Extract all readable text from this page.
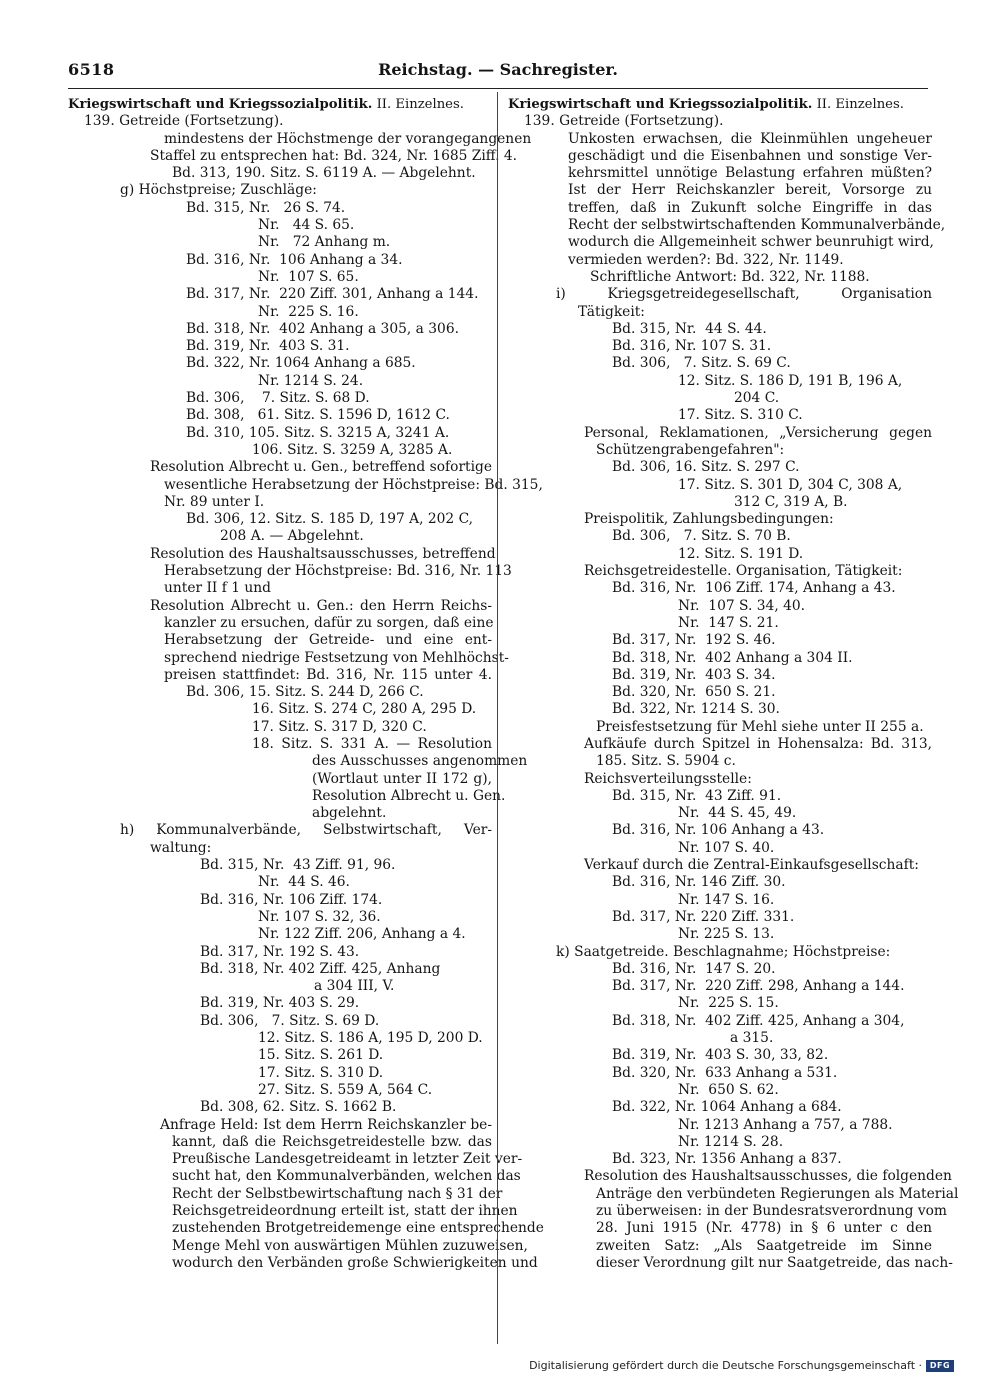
6518	Reichstag. — Sachregister.
Kriegswirtschaft und Kriegssozialpolitik. II. Einzelnes.
139. Getreide (Fortsetzung).
mindestens der Höchstmenge der vorangegangenen
Staffel zu entsprechen hat: Bd. 324, Nr. 1685 Ziff. 4.
Bd. 313, 190. Sitz. S. 6119 A. — Abgelehnt.
g) Höchstpreise; Zuschläge:
Bd. 315, Nr.   26 S. 74.
Nr.   44 S. 65.
Nr.   72 Anhang m.
Bd. 316, Nr.  106 Anhang a 34.
Nr.  107 S. 65.
Bd. 317, Nr.  220 Ziff. 301, Anhang a 144.
Nr.  225 S. 16.
Bd. 318, Nr.  402 Anhang a 305, a 306.
Bd. 319, Nr.  403 S. 31.
Bd. 322, Nr. 1064 Anhang a 685.
Nr. 1214 S. 24.
Bd. 306,    7. Sitz. S. 68 D.
Bd. 308,   61. Sitz. S. 1596 D, 1612 C.
Bd. 310, 105. Sitz. S. 3215 A, 3241 A.
106. Sitz. S. 3259 A, 3285 A.
Resolution Albrecht u. Gen., betreffend sofortige
wesentliche Herabsetzung der Höchstpreise: Bd. 315,
Nr. 89 unter I.
Bd. 306, 12. Sitz. S. 185 D, 197 A, 202 C,
208 A. — Abgelehnt.
Resolution des Haushaltsausschusses, betreffend
Herabsetzung der Höchstpreise: Bd. 316, Nr. 113
unter II f 1 und
Resolution Albrecht u. Gen.: den Herrn Reichs-
kanzler zu ersuchen, dafür zu sorgen, daß eine
Herabsetzung der Getreide- und eine ent-
sprechend niedrige Festsetzung von Mehlhöchst-
preisen stattfindet: Bd. 316, Nr. 115 unter 4.
Bd. 306, 15. Sitz. S. 244 D, 266 C.
16. Sitz. S. 274 C, 280 A, 295 D.
17. Sitz. S. 317 D, 320 C.
18. Sitz. S. 331 A. — Resolution
des Ausschusses angenommen
(Wortlaut unter II 172 g),
Resolution Albrecht u. Gen.
abgelehnt.
h) Kommunalverbände, Selbstwirtschaft, Ver-
waltung:
Bd. 315, Nr.  43 Ziff. 91, 96.
Nr.  44 S. 46.
Bd. 316, Nr. 106 Ziff. 174.
Nr. 107 S. 32, 36.
Nr. 122 Ziff. 206, Anhang a 4.
Bd. 317, Nr. 192 S. 43.
Bd. 318, Nr. 402 Ziff. 425, Anhang
a 304 III, V.
Bd. 319, Nr. 403 S. 29.
Bd. 306,   7. Sitz. S. 69 D.
12. Sitz. S. 186 A, 195 D, 200 D.
15. Sitz. S. 261 D.
17. Sitz. S. 310 D.
27. Sitz. S. 559 A, 564 C.
Bd. 308, 62. Sitz. S. 1662 B.
Anfrage Held: Ist dem Herrn Reichskanzler be-
kannt, daß die Reichsgetreidestelle bzw. das
Preußische Landesgetreideamt in letzter Zeit ver-
sucht hat, den Kommunalverbänden, welchen das
Recht der Selbstbewirtschaftung nach § 31 der
Reichsgetreideordnung erteilt ist, statt der ihnen
zustehenden Brotgetreidemenge eine entsprechende
Menge Mehl von auswärtigen Mühlen zuzuweisen,
wodurch den Verbänden große Schwierigkeiten und
Kriegswirtschaft und Kriegssozialpolitik. II. Einzelnes.
139. Getreide (Fortsetzung).
Unkosten erwachsen, die Kleinmühlen ungeheuer
geschädigt und die Eisenbahnen und sonstige Ver-
kehrsmittel unnötige Belastung erfahren müßten?
Ist der Herr Reichskanzler bereit, Vorsorge zu
treffen, daß in Zukunft solche Eingriffe in das
Recht der selbstwirtschaftenden Kommunalverbände,
wodurch die Allgemeinheit schwer beunruhigt wird,
vermieden werden?: Bd. 322, Nr. 1149.
Schriftliche Antwort: Bd. 322, Nr. 1188.
i) Kriegsgetreidegesellschaft, Organisation
Tätigkeit:
Bd. 315, Nr.  44 S. 44.
Bd. 316, Nr. 107 S. 31.
Bd. 306,   7. Sitz. S. 69 C.
12. Sitz. S. 186 D, 191 B, 196 A,
204 C.
17. Sitz. S. 310 C.
Personal, Reklamationen, „Versicherung gegen
Schützengrabengefahren":
Bd. 306, 16. Sitz. S. 297 C.
17. Sitz. S. 301 D, 304 C, 308 A,
312 C, 319 A, B.
Preispolitik, Zahlungsbedingungen:
Bd. 306,   7. Sitz. S. 70 B.
12. Sitz. S. 191 D.
Reichsgetreidestelle. Organisation, Tätigkeit:
Bd. 316, Nr.  106 Ziff. 174, Anhang a 43.
Nr.  107 S. 34, 40.
Nr.  147 S. 21.
Bd. 317, Nr.  192 S. 46.
Bd. 318, Nr.  402 Anhang a 304 II.
Bd. 319, Nr.  403 S. 34.
Bd. 320, Nr.  650 S. 21.
Bd. 322, Nr. 1214 S. 30.
Preisfestsetzung für Mehl siehe unter II 255 a.
Aufkäufe durch Spitzel in Hohensalza: Bd. 313,
185. Sitz. S. 5904 c.
Reichsverteilungsstelle:
Bd. 315, Nr.  43 Ziff. 91.
Nr.  44 S. 45, 49.
Bd. 316, Nr. 106 Anhang a 43.
Nr. 107 S. 40.
Verkauf durch die Zentral-Einkaufsgesellschaft:
Bd. 316, Nr. 146 Ziff. 30.
Nr. 147 S. 16.
Bd. 317, Nr. 220 Ziff. 331.
Nr. 225 S. 13.
k) Saatgetreide. Beschlagnahme; Höchstpreise:
Bd. 316, Nr.  147 S. 20.
Bd. 317, Nr.  220 Ziff. 298, Anhang a 144.
Nr.  225 S. 15.
Bd. 318, Nr.  402 Ziff. 425, Anhang a 304,
a 315.
Bd. 319, Nr.  403 S. 30, 33, 82.
Bd. 320, Nr.  633 Anhang a 531.
Nr.  650 S. 62.
Bd. 322, Nr. 1064 Anhang a 684.
Nr. 1213 Anhang a 757, a 788.
Nr. 1214 S. 28.
Bd. 323, Nr. 1356 Anhang a 837.
Resolution des Haushaltsausschusses, die folgenden
Anträge den verbündeten Regierungen als Material
zu überweisen: in der Bundesratsverordnung vom
28. Juni 1915 (Nr. 4778) in § 6 unter c den
zweiten Satz: „Als Saatgetreide im Sinne
dieser Verordnung gilt nur Saatgetreide, das nach-
Digitalisierung gefördert durch die Deutsche Forschungsgemeinschaft · DFG
